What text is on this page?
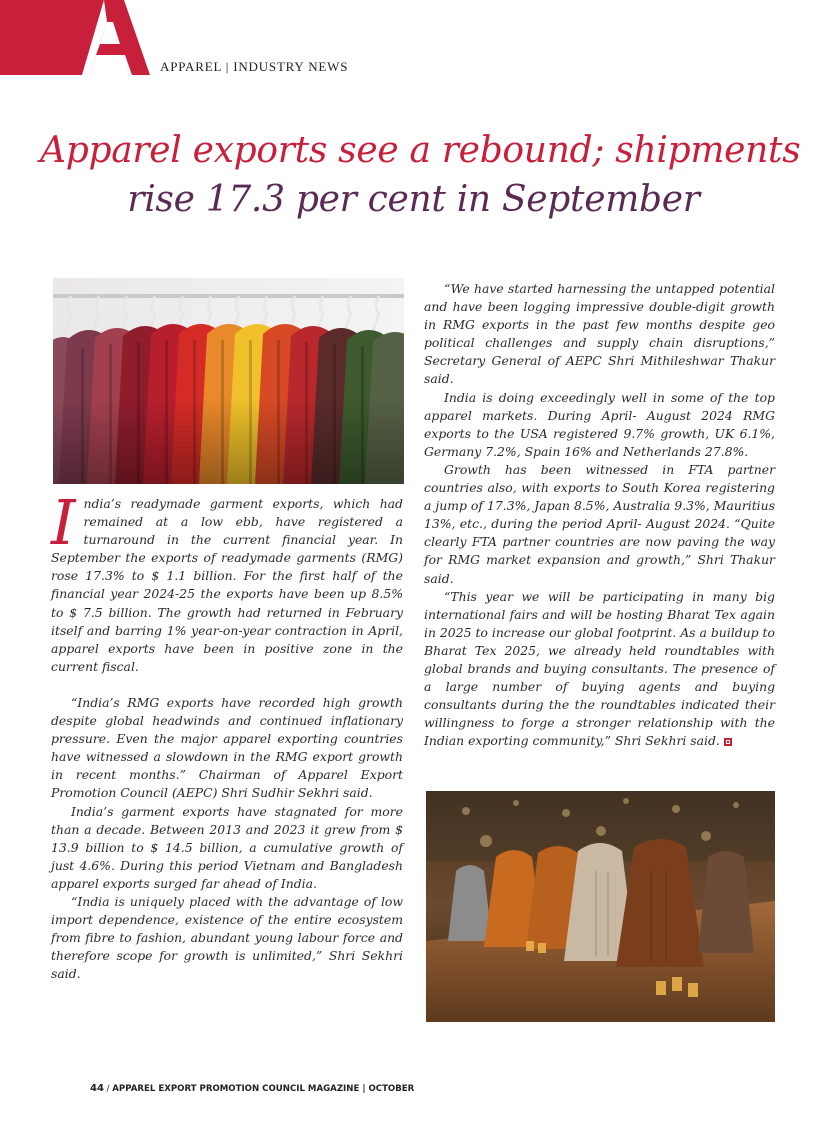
APPAREL | INDUSTRY NEWS
Apparel exports see a rebound; shipments
rise 17.3 per cent in September

India’s readymade garment exports, which had remained at a low ebb, have registered a turnaround in the current financial year. In September the exports of readymade garments (RMG) rose 17.3% to $ 1.1 billion. For the first half of the financial year 2024-25 the exports have been up 8.5% to $ 7.5 billion. The growth had returned in February itself and barring 1% year-on-year contraction in April, apparel exports have been in positive zone in the current fiscal.

“India’s RMG exports have recorded high growth despite global headwinds and continued inflationary pressure. Even the major apparel exporting countries have witnessed a slowdown in the RMG export growth in recent months.” Chairman of Apparel Export Promotion Council (AEPC) Shri Sudhir Sekhri said.

India’s garment exports have stagnated for more than a decade. Between 2013 and 2023 it grew from $ 13.9 billion to $ 14.5 billion, a cumulative growth of just 4.6%. During this period Vietnam and Bangladesh apparel exports surged far ahead of India.

“India is uniquely placed with the advantage of low import dependence, existence of the entire ecosystem from fibre to fashion, abundant young labour force and therefore scope for growth is unlimited,” Shri Sekhri said.

“We have started harnessing the untapped potential and have been logging impressive double-digit growth in RMG exports in the past few months despite geo political challenges and supply chain disruptions,” Secretary General of AEPC Shri Mithileshwar Thakur said.

India is doing exceedingly well in some of the top apparel markets. During April- August 2024 RMG exports to the USA registered 9.7% growth, UK 6.1%, Germany 7.2%, Spain 16% and Netherlands 27.8%.

Growth has been witnessed in FTA partner countries also, with exports to South Korea registering a jump of 17.3%, Japan 8.5%, Australia 9.3%, Mauritius 13%, etc., during the period April- August 2024. “Quite clearly FTA partner countries are now paving the way for RMG market expansion and growth,” Shri Thakur said.

“This year we will be participating in many big international fairs and will be hosting Bharat Tex again in 2025 to increase our global footprint. As a buildup to Bharat Tex 2025, we already held roundtables with global brands and buying consultants. The presence of a large number of buying agents and buying consultants during the the roundtables indicated their willingness to forge a stronger relationship with the Indian exporting community,” Shri Sekhri said.

44 / APPAREL EXPORT PROMOTION COUNCIL MAGAZINE | OCTOBER
